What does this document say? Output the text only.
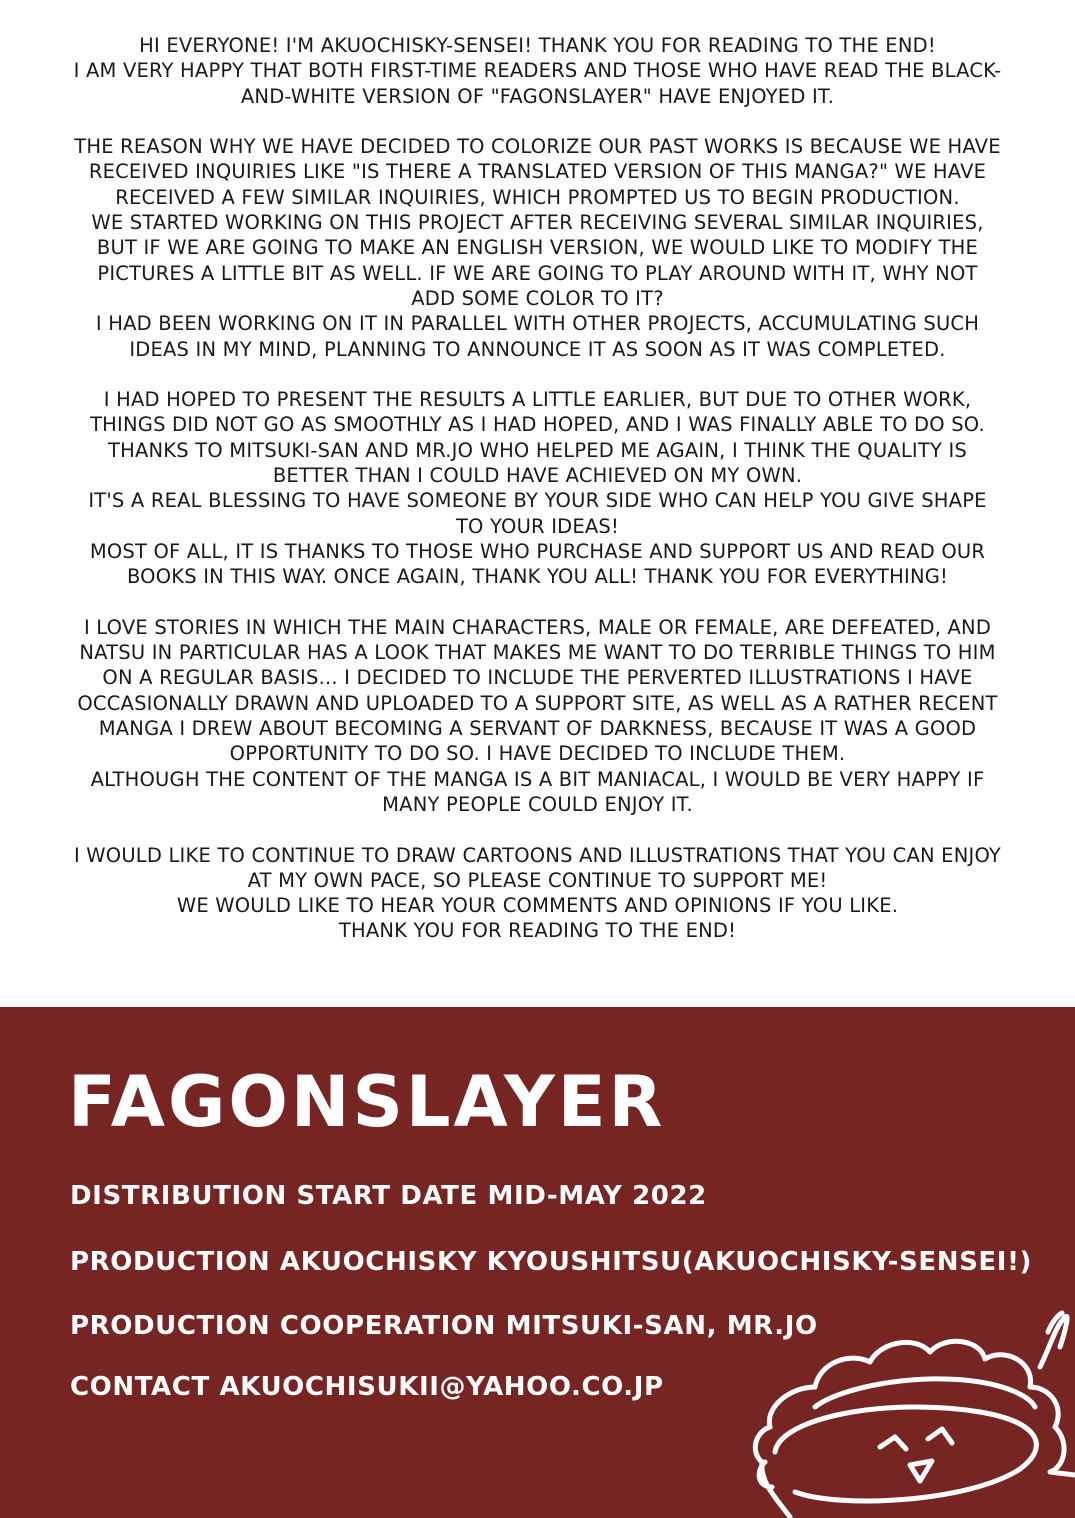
HI EVERYONE! I'M AKUOCHISKY-SENSEI! THANK YOU FOR READING TO THE END!
I AM VERY HAPPY THAT BOTH FIRST-TIME READERS AND THOSE WHO HAVE READ THE BLACK-
AND-WHITE VERSION OF "FAGONSLAYER" HAVE ENJOYED IT.
THE REASON WHY WE HAVE DECIDED TO COLORIZE OUR PAST WORKS IS BECAUSE WE HAVE
RECEIVED INQUIRIES LIKE "IS THERE A TRANSLATED VERSION OF THIS MANGA?" WE HAVE
RECEIVED A FEW SIMILAR INQUIRIES, WHICH PROMPTED US TO BEGIN PRODUCTION.
WE STARTED WORKING ON THIS PROJECT AFTER RECEIVING SEVERAL SIMILAR INQUIRIES,
BUT IF WE ARE GOING TO MAKE AN ENGLISH VERSION, WE WOULD LIKE TO MODIFY THE
PICTURES A LITTLE BIT AS WELL. IF WE ARE GOING TO PLAY AROUND WITH IT, WHY NOT
ADD SOME COLOR TO IT?
I HAD BEEN WORKING ON IT IN PARALLEL WITH OTHER PROJECTS, ACCUMULATING SUCH
IDEAS IN MY MIND, PLANNING TO ANNOUNCE IT AS SOON AS IT WAS COMPLETED.
I HAD HOPED TO PRESENT THE RESULTS A LITTLE EARLIER, BUT DUE TO OTHER WORK,
THINGS DID NOT GO AS SMOOTHLY AS I HAD HOPED, AND I WAS FINALLY ABLE TO DO SO.
THANKS TO MITSUKI-SAN AND MR.JO WHO HELPED ME AGAIN, I THINK THE QUALITY IS
BETTER THAN I COULD HAVE ACHIEVED ON MY OWN.
IT'S A REAL BLESSING TO HAVE SOMEONE BY YOUR SIDE WHO CAN HELP YOU GIVE SHAPE
TO YOUR IDEAS!
MOST OF ALL, IT IS THANKS TO THOSE WHO PURCHASE AND SUPPORT US AND READ OUR
BOOKS IN THIS WAY. ONCE AGAIN, THANK YOU ALL! THANK YOU FOR EVERYTHING!
I LOVE STORIES IN WHICH THE MAIN CHARACTERS, MALE OR FEMALE, ARE DEFEATED, AND
NATSU IN PARTICULAR HAS A LOOK THAT MAKES ME WANT TO DO TERRIBLE THINGS TO HIM
ON A REGULAR BASIS... I DECIDED TO INCLUDE THE PERVERTED ILLUSTRATIONS I HAVE
OCCASIONALLY DRAWN AND UPLOADED TO A SUPPORT SITE, AS WELL AS A RATHER RECENT
MANGA I DREW ABOUT BECOMING A SERVANT OF DARKNESS, BECAUSE IT WAS A GOOD
OPPORTUNITY TO DO SO. I HAVE DECIDED TO INCLUDE THEM.
ALTHOUGH THE CONTENT OF THE MANGA IS A BIT MANIACAL, I WOULD BE VERY HAPPY IF
MANY PEOPLE COULD ENJOY IT.
I WOULD LIKE TO CONTINUE TO DRAW CARTOONS AND ILLUSTRATIONS THAT YOU CAN ENJOY
AT MY OWN PACE, SO PLEASE CONTINUE TO SUPPORT ME!
WE WOULD LIKE TO HEAR YOUR COMMENTS AND OPINIONS IF YOU LIKE.
THANK YOU FOR READING TO THE END!
FAGONSLAYER
DISTRIBUTION START DATE MID-MAY 2022
PRODUCTION AKUOCHISKY KYOUSHITSU(AKUOCHISKY-SENSEI!)
PRODUCTION COOPERATION MITSUKI-SAN, MR.JO
CONTACT AKUOCHISUKII@YAHOO.CO.JP
